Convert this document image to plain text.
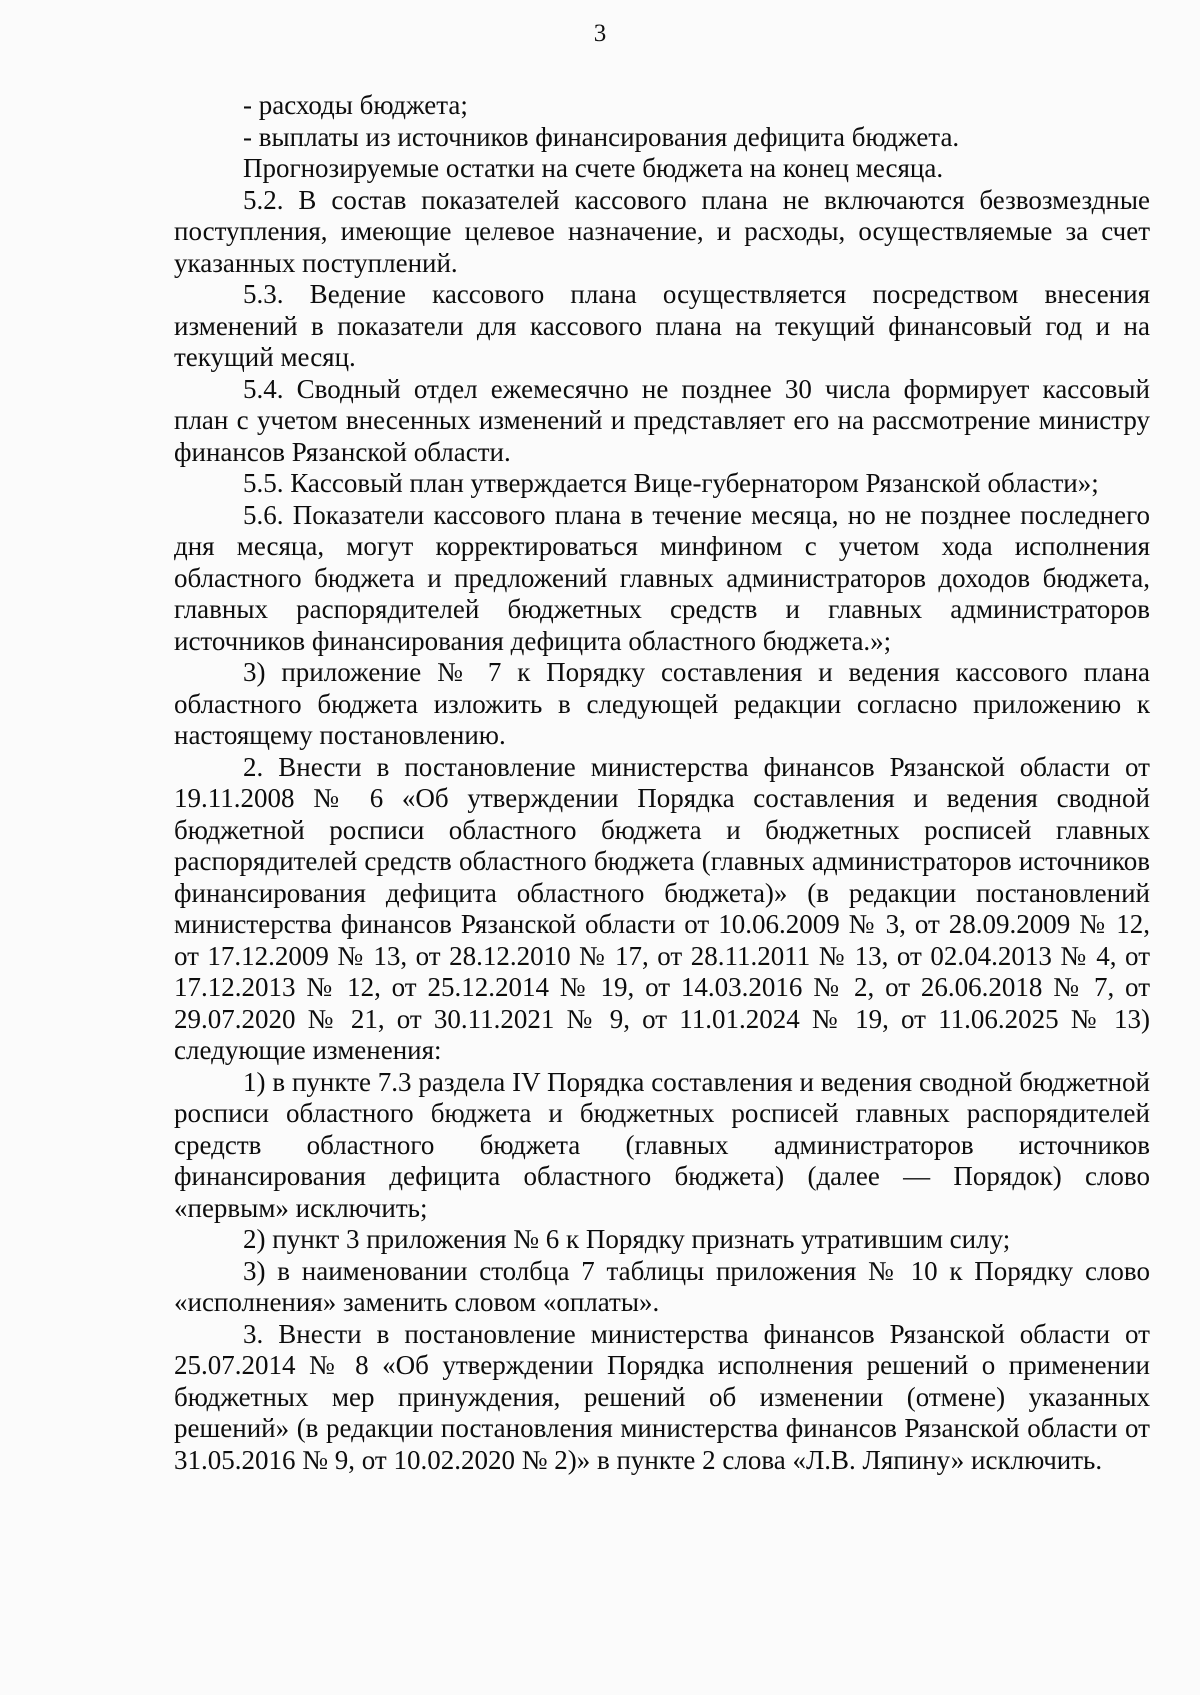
3

- расходы бюджета;

- выплаты из источников финансирования дефицита бюджета.

Прогнозируемые остатки на счете бюджета на конец месяца.

5.2. В состав показателей кассового плана не включаются безвозмездные поступления, имеющие целевое назначение, и расходы, осуществляемые за счет указанных поступлений.

5.3. Ведение кассового плана осуществляется посредством внесения изменений в показатели для кассового плана на текущий финансовый год и на текущий месяц.

5.4. Сводный отдел ежемесячно не позднее 30 числа формирует кассовый план с учетом внесенных изменений и представляет его на рассмотрение министру финансов Рязанской области.

5.5. Кассовый план утверждается Вице-губернатором Рязанской области»;

5.6. Показатели кассового плана в течение месяца, но не позднее последнего дня месяца, могут корректироваться минфином с учетом хода исполнения областного бюджета и предложений главных администраторов доходов бюджета, главных распорядителей бюджетных средств и главных администраторов источников финансирования дефицита областного бюджета.»;

3) приложение № 7 к Порядку составления и ведения кассового плана областного бюджета изложить в следующей редакции согласно приложению к настоящему постановлению.

2. Внести в постановление министерства финансов Рязанской области от 19.11.2008 № 6 «Об утверждении Порядка составления и ведения сводной бюджетной росписи областного бюджета и бюджетных росписей главных распорядителей средств областного бюджета (главных администраторов источников финансирования дефицита областного бюджета)» (в редакции постановлений министерства финансов Рязанской области от 10.06.2009 № 3, от 28.09.2009 № 12, от 17.12.2009 № 13, от 28.12.2010 № 17, от 28.11.2011 № 13, от 02.04.2013 № 4, от 17.12.2013 № 12, от 25.12.2014 № 19, от 14.03.2016 № 2, от 26.06.2018 № 7, от 29.07.2020 № 21, от 30.11.2021 № 9, от 11.01.2024 № 19, от 11.06.2025 № 13) следующие изменения:

1) в пункте 7.3 раздела IV Порядка составления и ведения сводной бюджетной росписи областного бюджета и бюджетных росписей главных распорядителей средств областного бюджета (главных администраторов источников финансирования дефицита областного бюджета) (далее — Порядок) слово «первым» исключить;

2) пункт 3 приложения № 6 к Порядку признать утратившим силу;

3) в наименовании столбца 7 таблицы приложения № 10 к Порядку слово «исполнения» заменить словом «оплаты».

3. Внести в постановление министерства финансов Рязанской области от 25.07.2014 № 8 «Об утверждении Порядка исполнения решений о применении бюджетных мер принуждения, решений об изменении (отмене) указанных решений» (в редакции постановления министерства финансов Рязанской области от 31.05.2016 № 9, от 10.02.2020 № 2)» в пункте 2 слова «Л.В. Ляпину» исключить.
